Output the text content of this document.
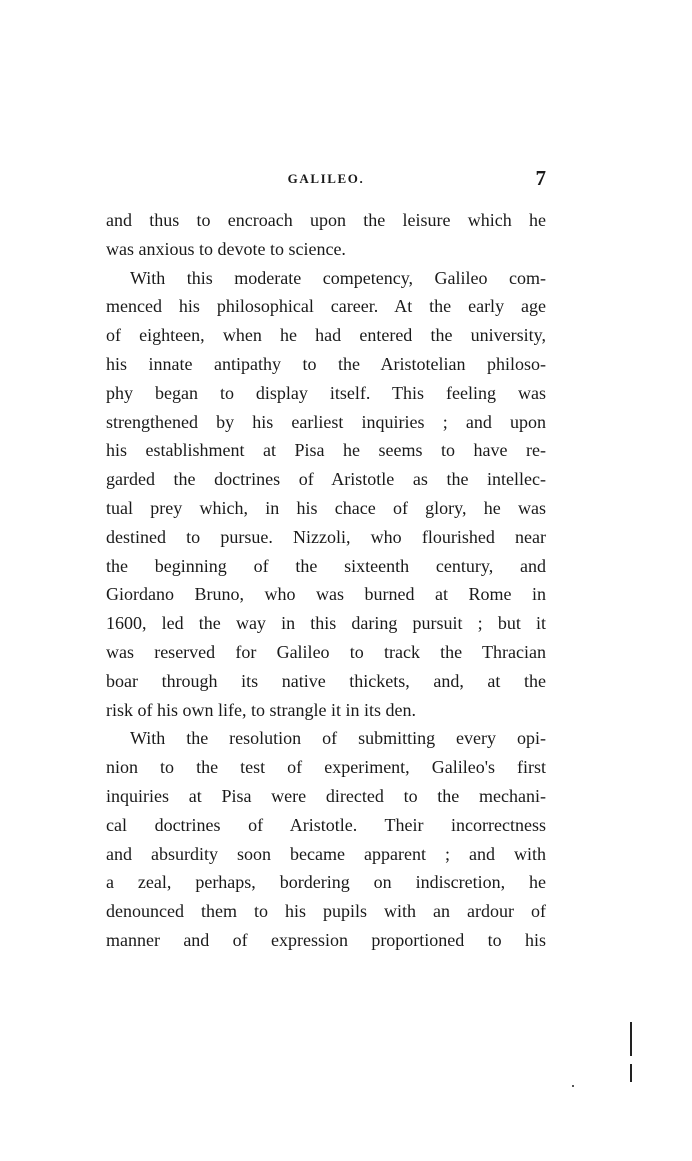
GALILEO.	7
and thus to encroach upon the leisure which he
was anxious to devote to science.
With this moderate competency, Galileo com-
menced his philosophical career. At the early age
of eighteen, when he had entered the university,
his innate antipathy to the Aristotelian philoso-
phy began to display itself. This feeling was
strengthened by his earliest inquiries ; and upon
his establishment at Pisa he seems to have re-
garded the doctrines of Aristotle as the intellec-
tual prey which, in his chace of glory, he was
destined to pursue. Nizzoli, who flourished near
the beginning of the sixteenth century, and
Giordano Bruno, who was burned at Rome in
1600, led the way in this daring pursuit ; but it
was reserved for Galileo to track the Thracian
boar through its native thickets, and, at the
risk of his own life, to strangle it in its den.
With the resolution of submitting every opi-
nion to the test of experiment, Galileo's first
inquiries at Pisa were directed to the mechani-
cal doctrines of Aristotle. Their incorrectness
and absurdity soon became apparent ; and with
a zeal, perhaps, bordering on indiscretion, he
denounced them to his pupils with an ardour of
manner and of expression proportioned to his
